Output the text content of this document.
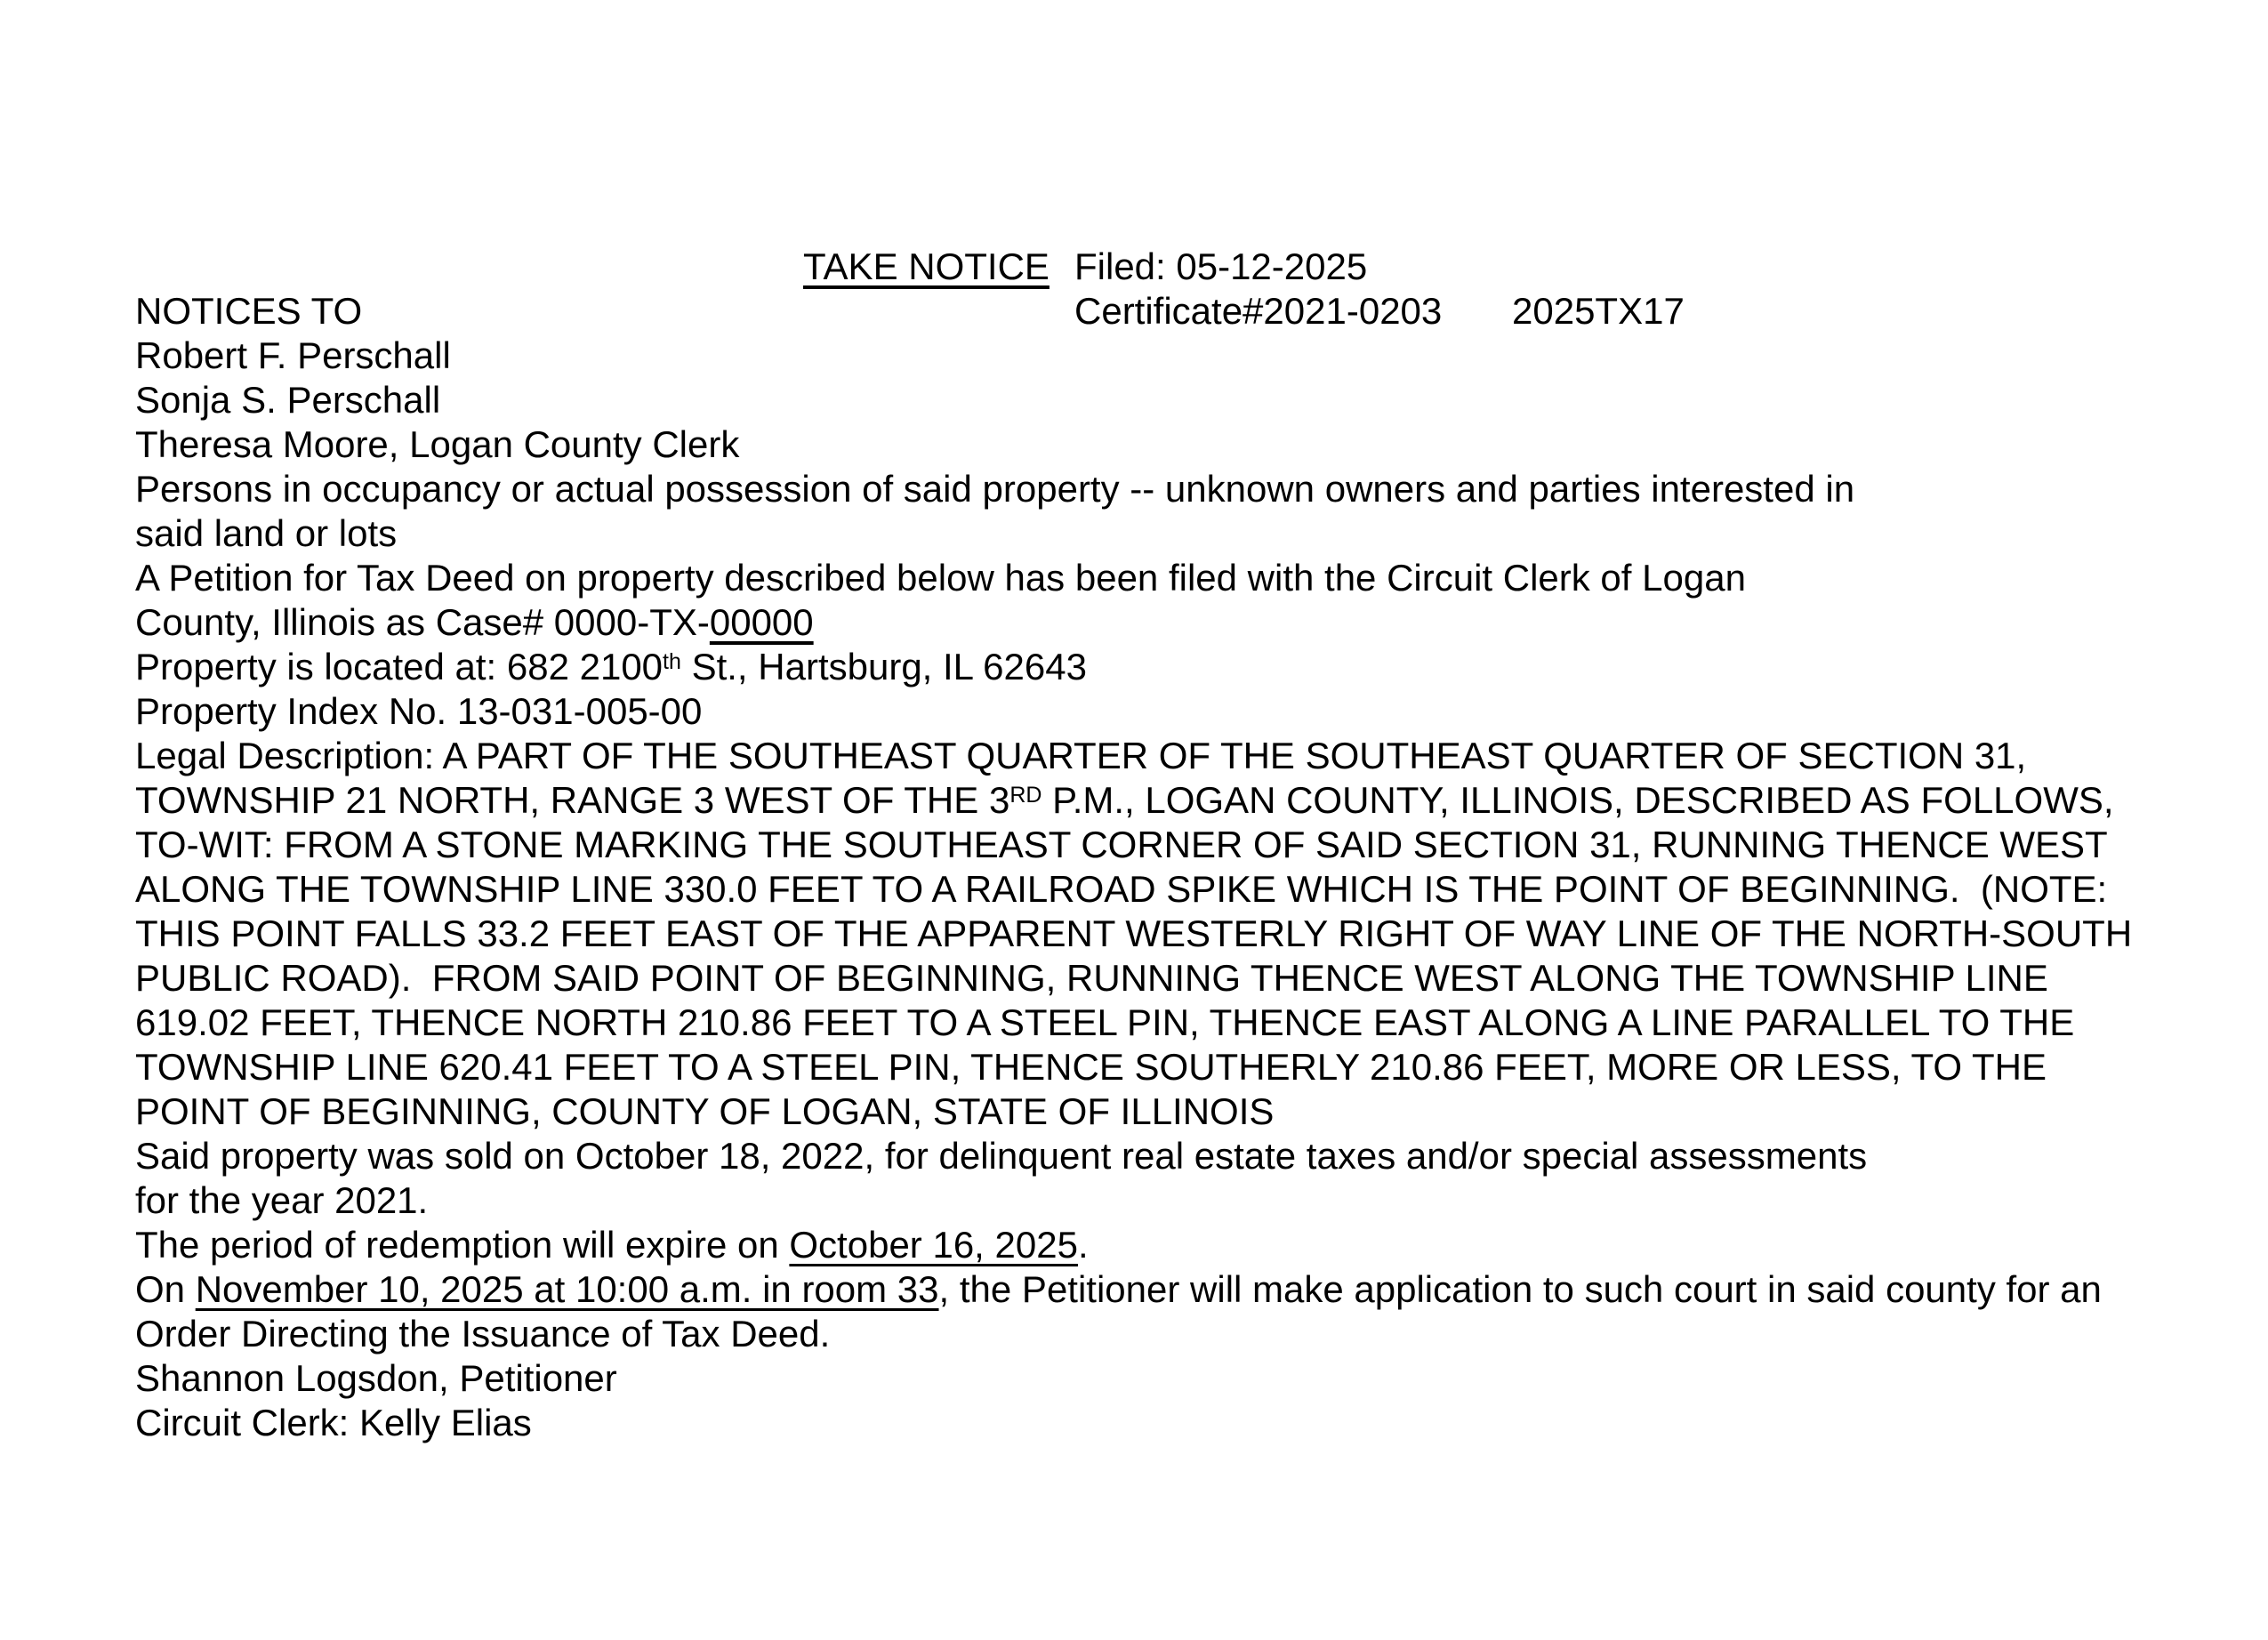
TAKE NOTICE Filed: 05-12-2025
NOTICES TO	Certificate#2021-0203 2025TX17
Robert F. Perschall
Sonja S. Perschall
Theresa Moore, Logan County Clerk
Persons in occupancy or actual possession of said property -- unknown owners and parties interested in
said land or lots
A Petition for Tax Deed on property described below has been filed with the Circuit Clerk of Logan
County, Illinois as Case# 0000-TX-00000
Property is located at: 682 2100th St., Hartsburg, IL 62643
Property Index No. 13-031-005-00
Legal Description: A PART OF THE SOUTHEAST QUARTER OF THE SOUTHEAST QUARTER OF SECTION 31,
TOWNSHIP 21 NORTH, RANGE 3 WEST OF THE 3RD P.M., LOGAN COUNTY, ILLINOIS, DESCRIBED AS FOLLOWS,
TO-WIT: FROM A STONE MARKING THE SOUTHEAST CORNER OF SAID SECTION 31, RUNNING THENCE WEST
ALONG THE TOWNSHIP LINE 330.0 FEET TO A RAILROAD SPIKE WHICH IS THE POINT OF BEGINNING.  (NOTE:
THIS POINT FALLS 33.2 FEET EAST OF THE APPARENT WESTERLY RIGHT OF WAY LINE OF THE NORTH-SOUTH
PUBLIC ROAD).  FROM SAID POINT OF BEGINNING, RUNNING THENCE WEST ALONG THE TOWNSHIP LINE
619.02 FEET, THENCE NORTH 210.86 FEET TO A STEEL PIN, THENCE EAST ALONG A LINE PARALLEL TO THE
TOWNSHIP LINE 620.41 FEET TO A STEEL PIN, THENCE SOUTHERLY 210.86 FEET, MORE OR LESS, TO THE
POINT OF BEGINNING, COUNTY OF LOGAN, STATE OF ILLINOIS
Said property was sold on October 18, 2022, for delinquent real estate taxes and/or special assessments
for the year 2021.
The period of redemption will expire on October 16, 2025.
On November 10, 2025 at 10:00 a.m. in room 33, the Petitioner will make application to such court in said county for an
Order Directing the Issuance of Tax Deed.
Shannon Logsdon, Petitioner
Circuit Clerk: Kelly Elias
